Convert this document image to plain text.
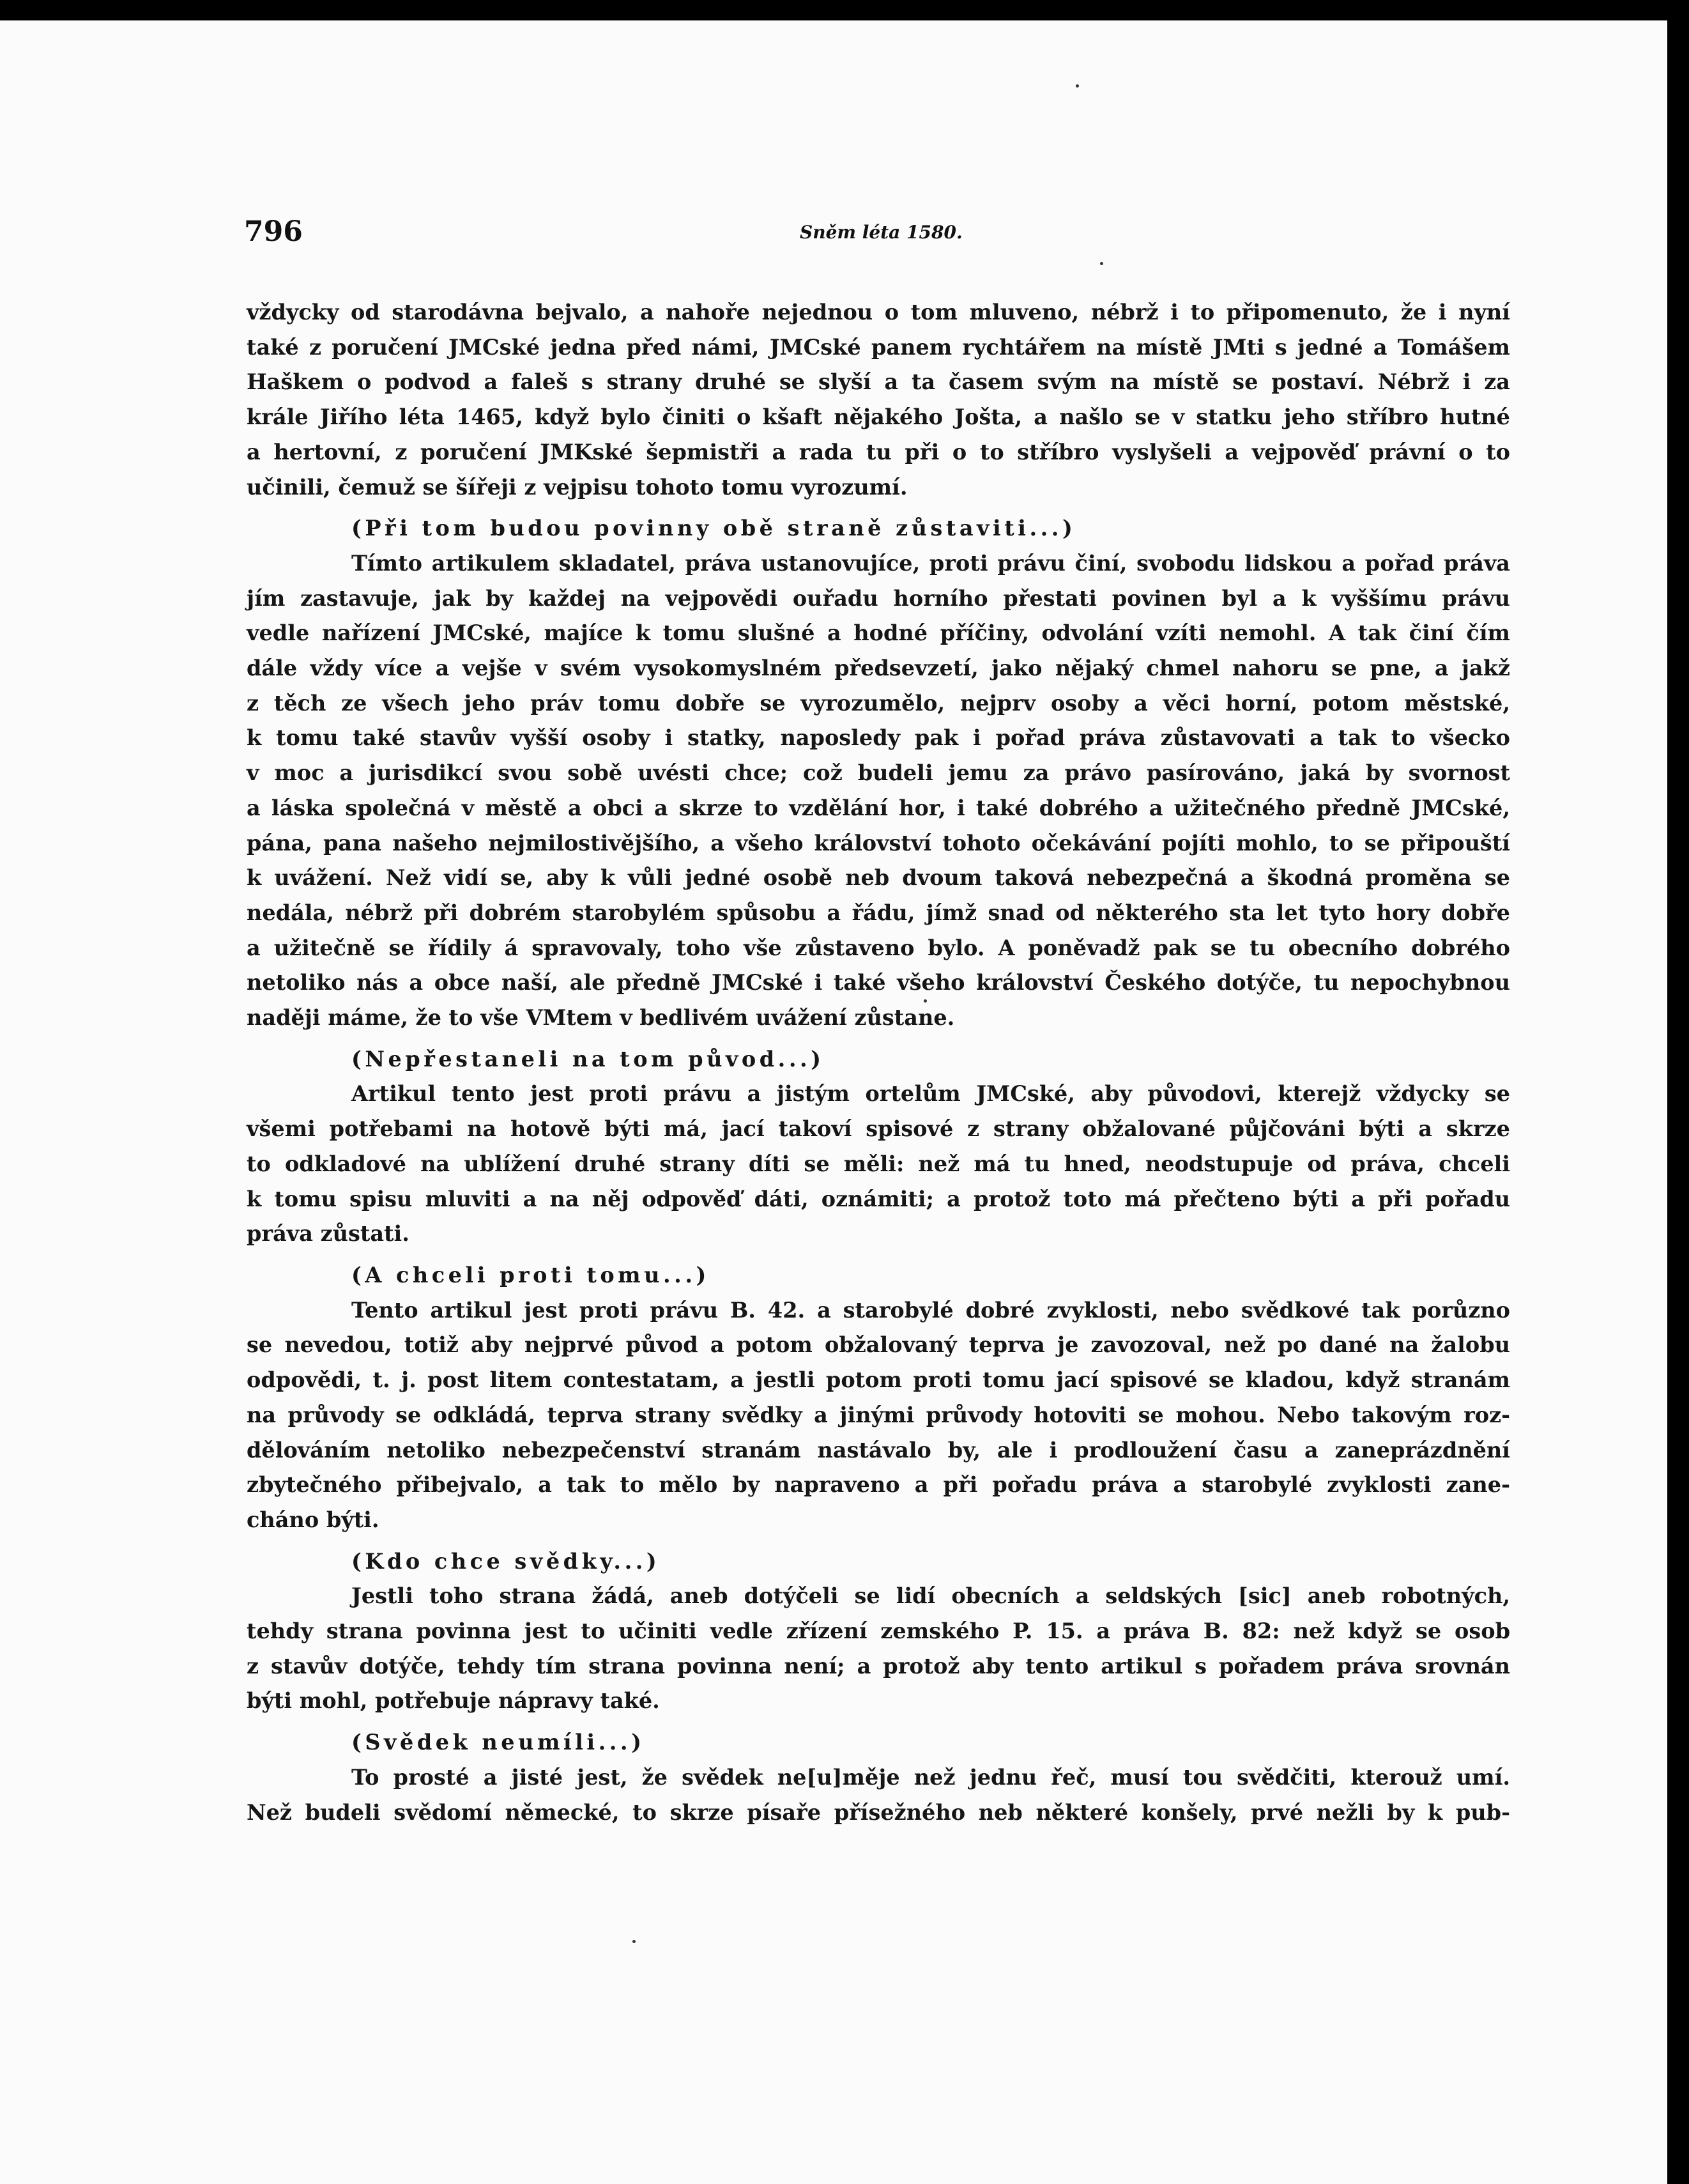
796	Sněm léta 1580.

vždycky od starodávna bejvalo, a nahoře nejednou o tom mluveno, nébrž i to připomenuto, že i nyní

také z poručení JMCské jedna před námi, JMCské panem rychtářem na místě JMti s jedné a Tomášem

Haškem o podvod a faleš s strany druhé se slyší a ta časem svým na místě se postaví. Nébrž i za

krále Jiřího léta 1465, když bylo činiti o kšaft nějakého Jošta, a našlo se v statku jeho stříbro hutné

a hertovní, z poručení JMKské šepmistři a rada tu při o to stříbro vyslyšeli a vejpověď právní o to

učinili, čemuž se šířeji z vejpisu tohoto tomu vyrozumí.

(Při tom budou povinny obě straně zůstaviti...)

Tímto artikulem skladatel, práva ustanovujíce, proti právu činí, svobodu lidskou a pořad práva

jím zastavuje, jak by každej na vejpovědi ouřadu horního přestati povinen byl a k vyššímu právu

vedle nařízení JMCské, majíce k tomu slušné a hodné příčiny, odvolání vzíti nemohl. A tak činí čím

dále vždy více a vejše v svém vysokomyslném předsevzetí, jako nějaký chmel nahoru se pne, a jakž

z těch ze všech jeho práv tomu dobře se vyrozumělo, nejprv osoby a věci horní, potom městské,

k tomu také stavův vyšší osoby i statky, naposledy pak i pořad práva zůstavovati a tak to všecko

v moc a jurisdikcí svou sobě uvésti chce; což budeli jemu za právo pasírováno, jaká by svornost

a láska společná v městě a obci a skrze to vzdělání hor, i také dobrého a užitečného předně JMCské,

pána, pana našeho nejmilostivějšího, a všeho království tohoto očekávání pojíti mohlo, to se připouští

k uvážení. Než vidí se, aby k vůli jedné osobě neb dvoum taková nebezpečná a škodná proměna se

nedála, nébrž při dobrém starobylém spůsobu a řádu, jímž snad od některého sta let tyto hory dobře

a užitečně se řídily á spravovaly, toho vše zůstaveno bylo. A poněvadž pak se tu obecního dobrého

netoliko nás a obce naší, ale předně JMCské i také všeho království Českého dotýče, tu nepochybnou

naději máme, že to vše VMtem v bedlivém uvážení zůstane.

(Nepřestaneli na tom původ...)

Artikul tento jest proti právu a jistým ortelům JMCské, aby původovi, kterejž vždycky se

všemi potřebami na hotově býti má, jací takoví spisové z strany obžalované půjčováni býti a skrze

to odkladové na ublížení druhé strany díti se měli: než má tu hned, neodstupuje od práva, chceli

k tomu spisu mluviti a na něj odpověď dáti, oznámiti; a protož toto má přečteno býti a při pořadu

práva zůstati.

(A chceli proti tomu...)

Tento artikul jest proti právu B. 42. a starobylé dobré zvyklosti, nebo svědkové tak porůzno

se nevedou, totiž aby nejprvé původ a potom obžalovaný teprva je zavozoval, než po dané na žalobu

odpovědi, t. j. post litem contestatam, a jestli potom proti tomu jací spisové se kladou, když stranám

na průvody se odkládá, teprva strany svědky a jinými průvody hotoviti se mohou. Nebo takovým roz-

dělováním netoliko nebezpečenství stranám nastávalo by, ale i prodloužení času a zaneprázdnění

zbytečného přibejvalo, a tak to mělo by napraveno a při pořadu práva a starobylé zvyklosti zane-

cháno býti.

(Kdo chce svědky...)

Jestli toho strana žádá, aneb dotýčeli se lidí obecních a seldských [sic] aneb robotných,

tehdy strana povinna jest to učiniti vedle zřízení zemského P. 15. a práva B. 82: než když se osob

z stavův dotýče, tehdy tím strana povinna není; a protož aby tento artikul s pořadem práva srovnán

býti mohl, potřebuje nápravy také.

(Svědek neumíli...)

To prosté a jisté jest, že svědek ne[u]měje než jednu řeč, musí tou svědčiti, kterouž umí.

Než budeli svědomí německé, to skrze písaře přísežného neb některé konšely, prvé nežli by k pub-
